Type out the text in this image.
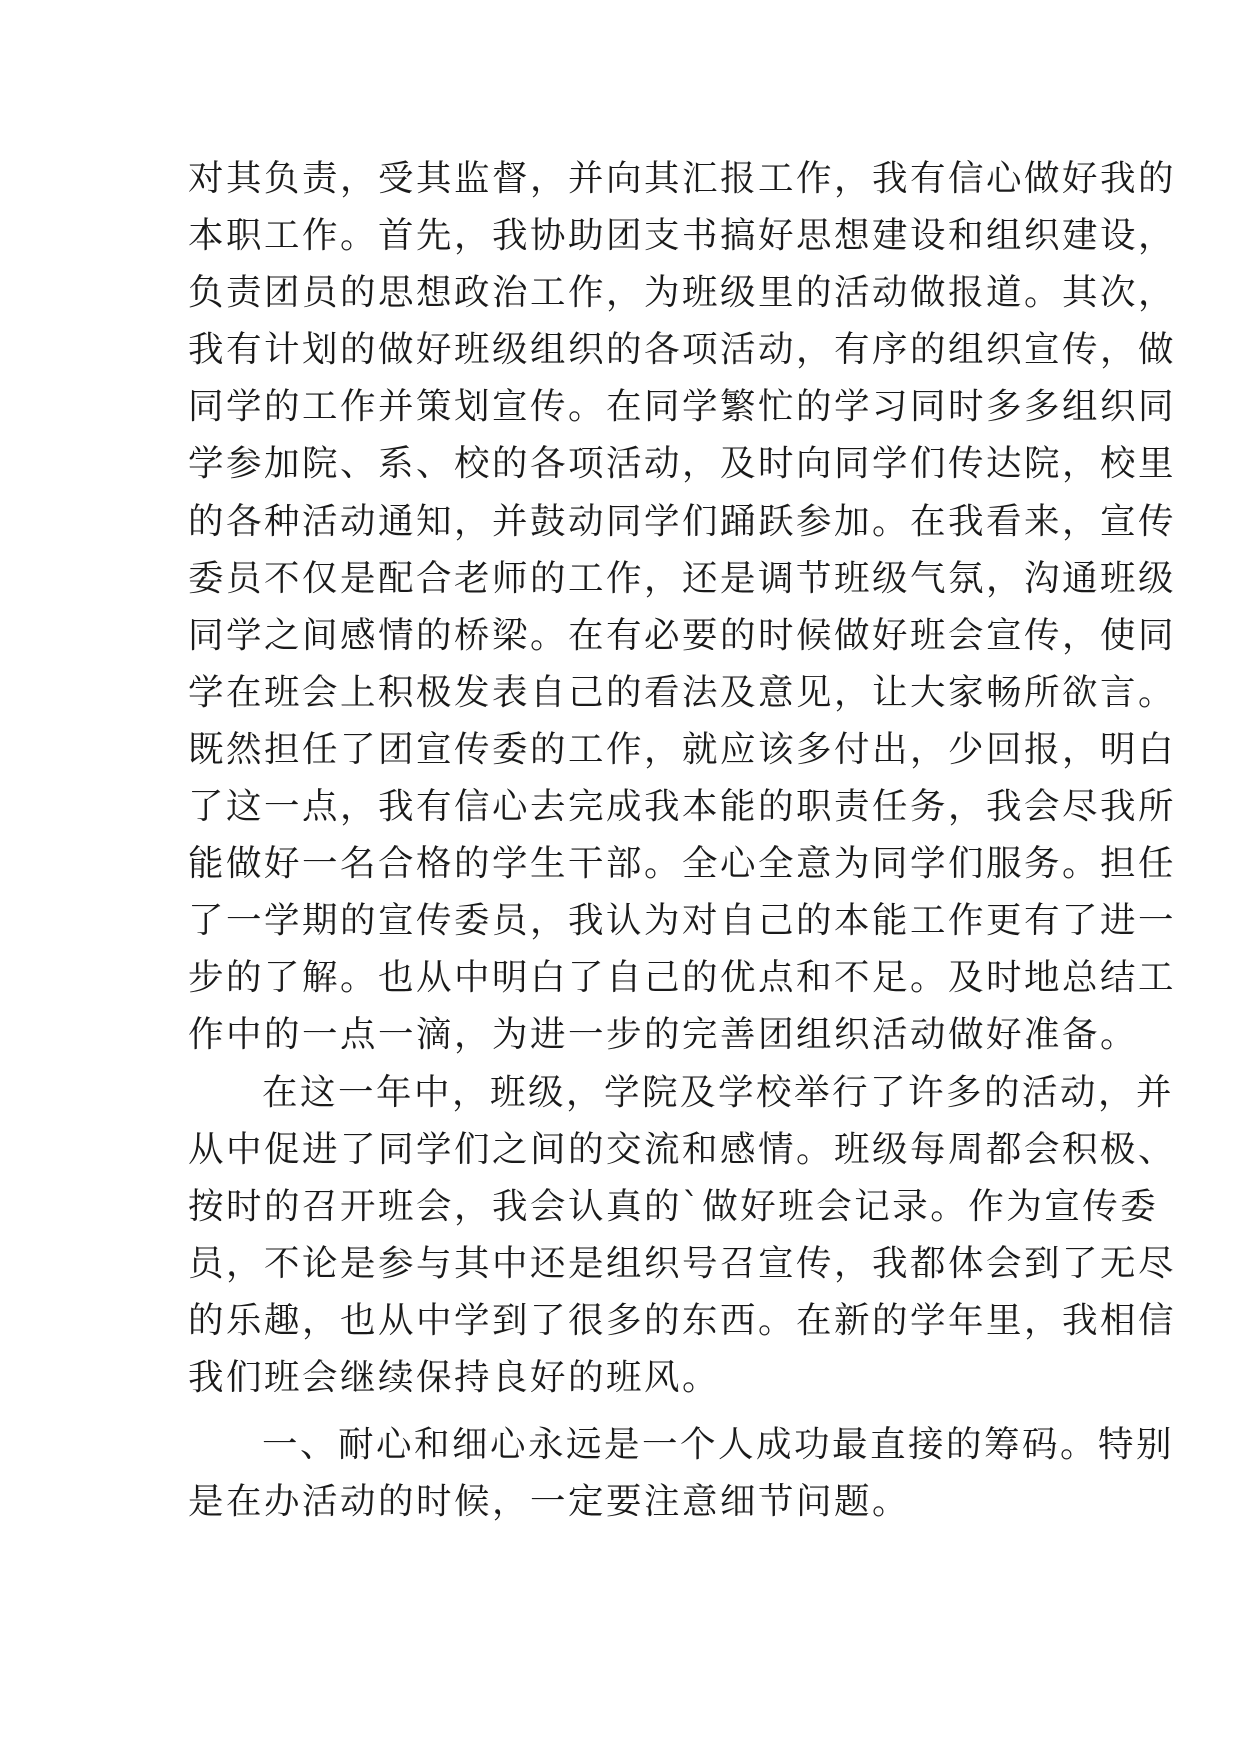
对其负责，受其监督，并向其汇报工作，我有信心做好我的
本职工作。首先，我协助团支书搞好思想建设和组织建设，
负责团员的思想政治工作，为班级里的活动做报道。其次，
我有计划的做好班级组织的各项活动，有序的组织宣传，做
同学的工作并策划宣传。在同学繁忙的学习同时多多组织同
学参加院、系、校的各项活动，及时向同学们传达院，校里
的各种活动通知，并鼓动同学们踊跃参加。在我看来，宣传
委员不仅是配合老师的工作，还是调节班级气氛，沟通班级
同学之间感情的桥梁。在有必要的时候做好班会宣传，使同
学在班会上积极发表自己的看法及意见，让大家畅所欲言。
既然担任了团宣传委的工作，就应该多付出，少回报，明白
了这一点，我有信心去完成我本能的职责任务，我会尽我所
能做好一名合格的学生干部。全心全意为同学们服务。担任
了一学期的宣传委员，我认为对自己的本能工作更有了进一
步的了解。也从中明白了自己的优点和不足。及时地总结工
作中的一点一滴，为进一步的完善团组织活动做好准备。
在这一年中，班级，学院及学校举行了许多的活动，并
从中促进了同学们之间的交流和感情。班级每周都会积极、
按时的召开班会，我会认真的`做好班会记录。作为宣传委
员，不论是参与其中还是组织号召宣传，我都体会到了无尽
的乐趣，也从中学到了很多的东西。在新的学年里，我相信
我们班会继续保持良好的班风。
一、耐心和细心永远是一个人成功最直接的筹码。特别
是在办活动的时候，一定要注意细节问题。
